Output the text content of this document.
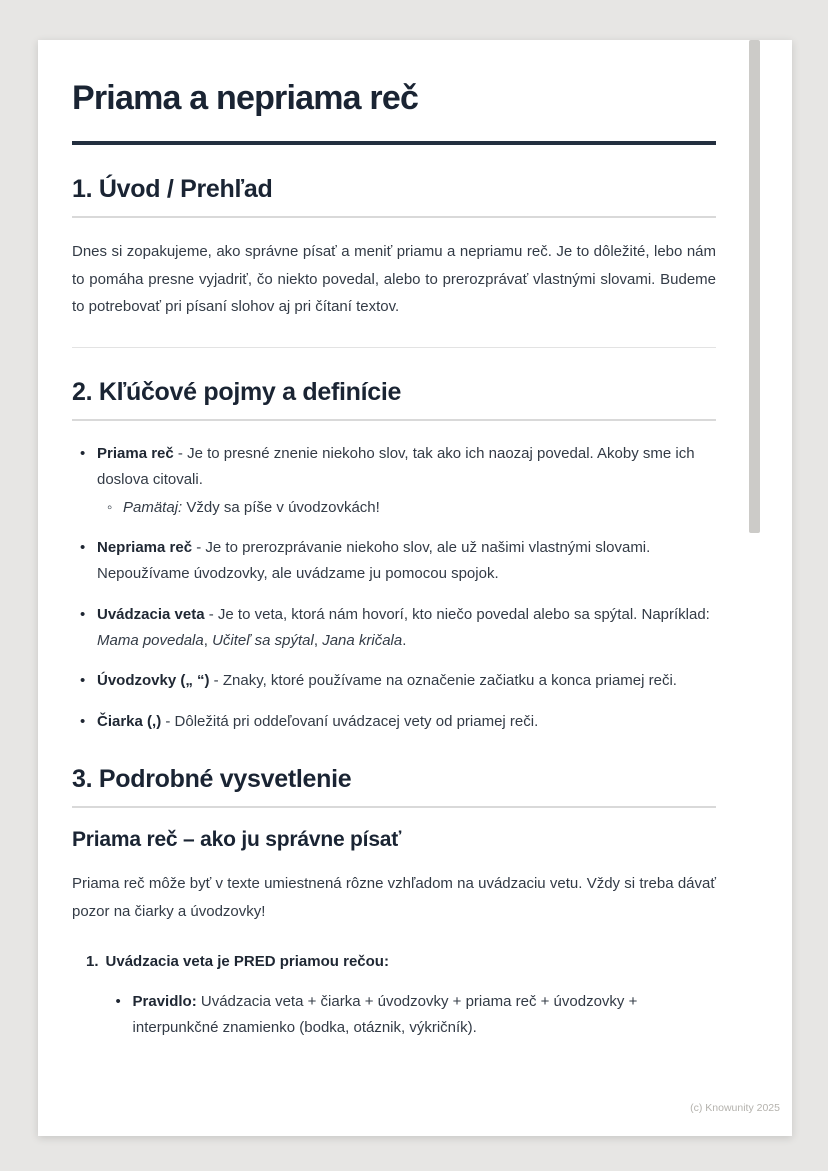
Priama a nepriama reč
1. Úvod / Prehľad

Dnes si zopakujeme, ako správne písať a meniť priamu a nepriamu reč. Je to dôležité, lebo nám to pomáha presne vyjadriť, čo niekto povedal, alebo to prerozprávať vlastnými slovami. Budeme to potrebovať pri písaní slohov aj pri čítaní textov.

2. Kľúčové pojmy a definície
• Priama reč - Je to presné znenie niekoho slov, tak ako ich naozaj povedal. Akoby sme ich doslova citovali.
◦ Pamätaj: Vždy sa píše v úvodzovkách!
• Nepriama reč - Je to prerozprávanie niekoho slov, ale už našimi vlastnými slovami. Nepoužívame úvodzovky, ale uvádzame ju pomocou spojok.
• Uvádzacia veta - Je to veta, ktorá nám hovorí, kto niečo povedal alebo sa spýtal. Napríklad: Mama povedala, Učiteľ sa spýtal, Jana kričala.
• Úvodzovky („ “) - Znaky, ktoré používame na označenie začiatku a konca priamej reči.
• Čiarka (,) - Dôležitá pri oddeľovaní uvádzacej vety od priamej reči.
3. Podrobné vysvetlenie
Priama reč – ako ju správne písať

Priama reč môže byť v texte umiestnená rôzne vzhľadom na uvádzaciu vetu. Vždy si treba dávať pozor na čiarky a úvodzovky!

1. Uvádzacia veta je PRED priamou rečou:
• Pravidlo: Uvádzacia veta + čiarka + úvodzovky + priama reč + úvodzovky + interpunkčné znamienko (bodka, otáznik, výkričník).
(c) Knowunity 2025
